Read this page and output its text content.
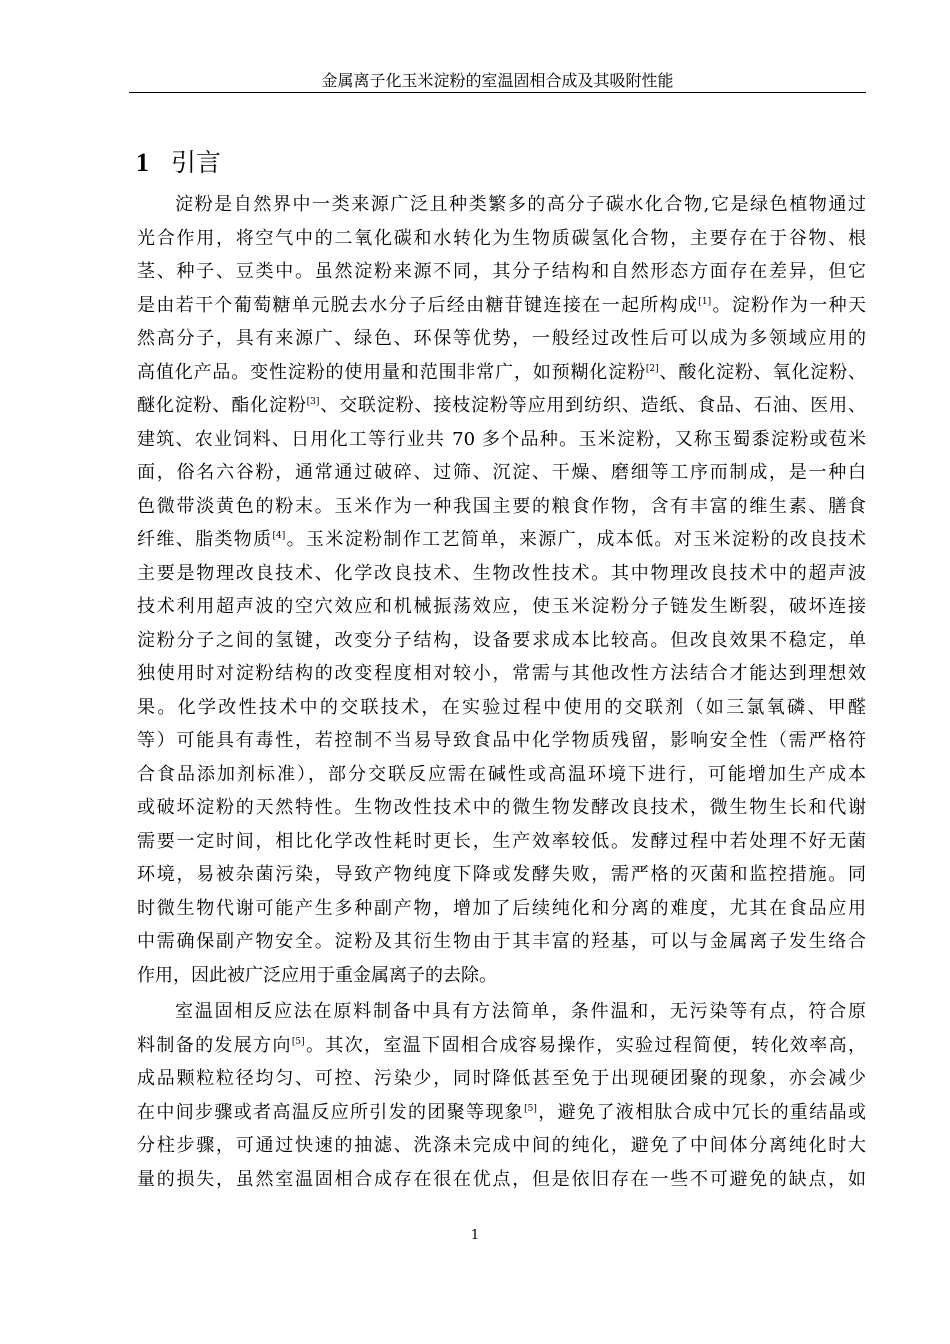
金属离子化玉米淀粉的室温固相合成及其吸附性能
1 引言
淀粉是自然界中一类来源广泛且种类繁多的高分子碳水化合物,它是绿色植物通过
光合作用，将空气中的二氧化碳和水转化为生物质碳氢化合物，主要存在于谷物、根
茎、种子、豆类中。虽然淀粉来源不同，其分子结构和自然形态方面存在差异，但它
是由若干个葡萄糖单元脱去水分子后经由糖苷键连接在一起所构成[1]。淀粉作为一种天
然高分子，具有来源广、绿色、环保等优势，一般经过改性后可以成为多领域应用的
高值化产品。变性淀粉的使用量和范围非常广，如预糊化淀粉[2]、酸化淀粉、氧化淀粉、
醚化淀粉、酯化淀粉[3]、交联淀粉、接枝淀粉等应用到纺织、造纸、食品、石油、医用、
建筑、农业饲料、日用化工等行业共 70 多个品种。玉米淀粉，又称玉蜀黍淀粉或苞米
面，俗名六谷粉，通常通过破碎、过筛、沉淀、干燥、磨细等工序而制成，是一种白
色微带淡黄色的粉末。玉米作为一种我国主要的粮食作物，含有丰富的维生素、膳食
纤维、脂类物质[4]。玉米淀粉制作工艺简单，来源广，成本低。对玉米淀粉的改良技术
主要是物理改良技术、化学改良技术、生物改性技术。其中物理改良技术中的超声波
技术利用超声波的空穴效应和机械振荡效应，使玉米淀粉分子链发生断裂，破坏连接
淀粉分子之间的氢键，改变分子结构，设备要求成本比较高。但改良效果不稳定，单
独使用时对淀粉结构的改变程度相对较小，常需与其他改性方法结合才能达到理想效
果。化学改性技术中的交联技术，在实验过程中使用的交联剂（如三氯氧磷、甲醛
等）可能具有毒性，若控制不当易导致食品中化学物质残留，影响安全性（需严格符
合食品添加剂标准），部分交联反应需在碱性或高温环境下进行，可能增加生产成本
或破坏淀粉的天然特性。生物改性技术中的微生物发酵改良技术，微生物生长和代谢
需要一定时间，相比化学改性耗时更长，生产效率较低。发酵过程中若处理不好无菌
环境，易被杂菌污染，导致产物纯度下降或发酵失败，需严格的灭菌和监控措施。同
时微生物代谢可能产生多种副产物，增加了后续纯化和分离的难度，尤其在食品应用
中需确保副产物安全。淀粉及其衍生物由于其丰富的羟基，可以与金属离子发生络合
作用，因此被广泛应用于重金属离子的去除。
室温固相反应法在原料制备中具有方法简单，条件温和，无污染等有点，符合原
料制备的发展方向[5]。其次，室温下固相合成容易操作，实验过程简便，转化效率高，
成品颗粒粒径均匀、可控、污染少，同时降低甚至免于出现硬团聚的现象，亦会减少
在中间步骤或者高温反应所引发的团聚等现象[5]，避免了液相肽合成中冗长的重结晶或
分柱步骤，可通过快速的抽滤、洗涤未完成中间的纯化，避免了中间体分离纯化时大
量的损失，虽然室温固相合成存在很在优点，但是依旧存在一些不可避免的缺点，如
1
